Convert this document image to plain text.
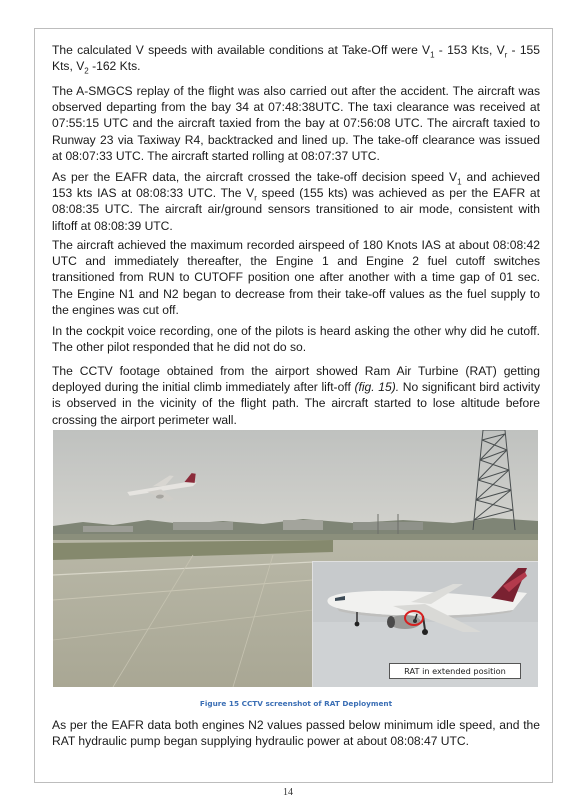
The calculated V speeds with available conditions at Take-Off were $V_1 - 153$ Kts, $V_r - 155$ Kts, $V_2$ -162 Kts.

The A-SMGCS replay of the flight was also carried out after the accident. The aircraft was observed departing from the bay 34 at 07:48:38UTC. The taxi clearance was received at 07:55:15 UTC and the aircraft taxied from the bay at 07:56:08 UTC. The aircraft taxied to Runway 23 via Taxiway R4, backtracked and lined up. The take-off clearance was issued at 08:07:33 UTC. The aircraft started rolling at 08:07:37 UTC.

As per the EAFR data, the aircraft crossed the take-off decision speed $V_1$ and achieved 153 kts IAS at 08:08:33 UTC. The $V_r$ speed (155 kts) was achieved as per the EAFR at 08:08:35 UTC. The aircraft air/ground sensors transitioned to air mode, consistent with liftoff at 08:08:39 UTC.

The aircraft achieved the maximum recorded airspeed of 180 Knots IAS at about 08:08:42 UTC and immediately thereafter, the Engine 1 and Engine 2 fuel cutoff switches transitioned from RUN to CUTOFF position one after another with a time gap of 01 sec. The Engine N1 and N2 began to decrease from their take-off values as the fuel supply to the engines was cut off.

In the cockpit voice recording, one of the pilots is heard asking the other why did he cutoff. The other pilot responded that he did not do so.

The CCTV footage obtained from the airport showed Ram Air Turbine (RAT) getting deployed during the initial climb immediately after lift-off (fig. 15). No significant bird activity is observed in the vicinity of the flight path. The aircraft started to lose altitude before crossing the airport perimeter wall.

RAT in extended position
Figure 15 CCTV screenshot of RAT Deployment

As per the EAFR data both engines N2 values passed below minimum idle speed, and the RAT hydraulic pump began supplying hydraulic power at about 08:08:47 UTC.

14
